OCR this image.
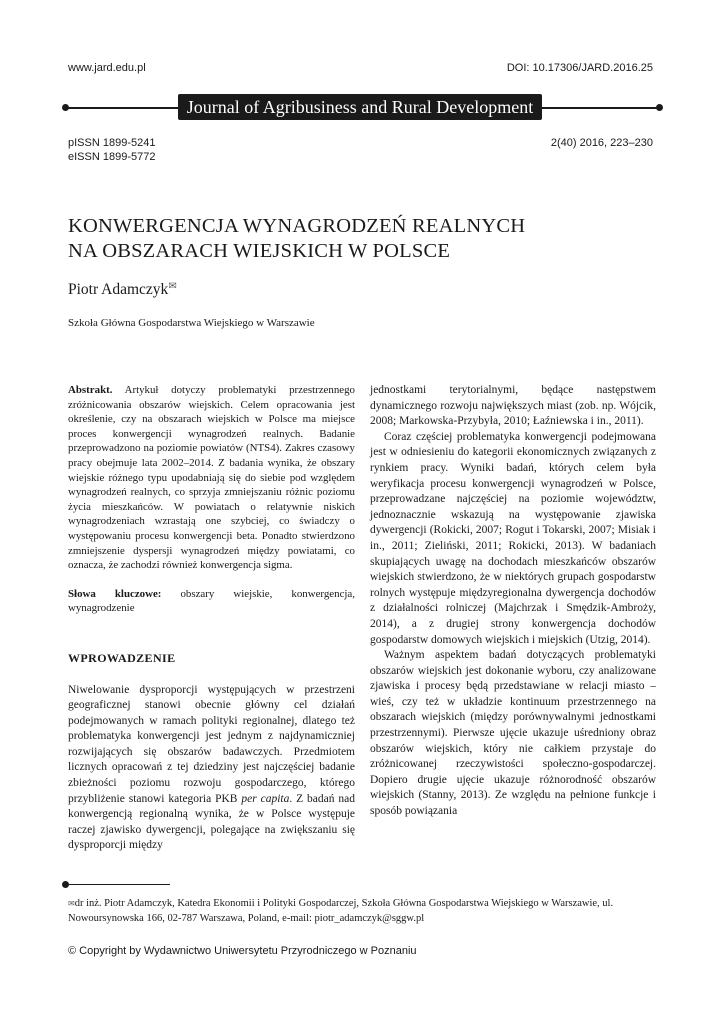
www.jard.edu.pl	DOI: 10.17306/JARD.2016.25
Journal of Agribusiness and Rural Development
pISSN 1899-5241
eISSN 1899-5772
2(40) 2016, 223–230
KONWERGENCJA WYNAGRODZEŃ REALNYCH
NA OBSZARACH WIEJSKICH W POLSCE
Piotr Adamczyk✉
Szkoła Główna Gospodarstwa Wiejskiego w Warszawie

Abstrakt. Artykuł dotyczy problematyki przestrzennego zróżnicowania obszarów wiejskich. Celem opracowania jest określenie, czy na obszarach wiejskich w Polsce ma miejsce proces konwergencji wynagrodzeń realnych. Badanie przeprowadzono na poziomie powiatów (NTS4). Zakres czasowy pracy obejmuje lata 2002–2014. Z badania wynika, że obszary wiejskie różnego typu upodabniają się do siebie pod względem wynagrodzeń realnych, co sprzyja zmniejszaniu różnic poziomu życia mieszkańców. W powiatach o relatywnie niskich wynagrodzeniach wzrastają one szybciej, co świadczy o występowaniu procesu konwergencji beta. Ponadto stwierdzono zmniejszenie dyspersji wynagrodzeń między powiatami, co oznacza, że zachodzi również konwergencja sigma.

Słowa kluczowe: obszary wiejskie, konwergencja, wynagrodzenie

WPROWADZENIE

Niwelowanie dysproporcji występujących w przestrzeni geograficznej stanowi obecnie główny cel działań podejmowanych w ramach polityki regionalnej, dlatego też problematyka konwergencji jest jednym z najdynamiczniej rozwijających się obszarów badawczych. Przedmiotem licznych opracowań z tej dziedziny jest najczęściej badanie zbieżności poziomu rozwoju gospodarczego, którego przybliżenie stanowi kategoria PKB per capita. Z badań nad konwergencją regionalną wynika, że w Polsce występuje raczej zjawisko dywergencji, polegające na zwiększaniu się dysproporcji między

jednostkami terytorialnymi, będące następstwem dynamicznego rozwoju największych miast (zob. np. Wójcik, 2008; Markowska-Przybyła, 2010; Łaźniewska i in., 2011).

Coraz częściej problematyka konwergencji podejmowana jest w odniesieniu do kategorii ekonomicznych związanych z rynkiem pracy. Wyniki badań, których celem była weryfikacja procesu konwergencji wynagrodzeń w Polsce, przeprowadzane najczęściej na poziomie województw, jednoznacznie wskazują na występowanie zjawiska dywergencji (Rokicki, 2007; Rogut i Tokarski, 2007; Misiak i in., 2011; Zieliński, 2011; Rokicki, 2013). W badaniach skupiających uwagę na dochodach mieszkańców obszarów wiejskich stwierdzono, że w niektórych grupach gospodarstw rolnych występuje międzyregionalna dywergencja dochodów z działalności rolniczej (Majchrzak i Smędzik-Ambroży, 2014), a z drugiej strony konwergencja dochodów gospodarstw domowych wiejskich i miejskich (Utzig, 2014).

Ważnym aspektem badań dotyczących problematyki obszarów wiejskich jest dokonanie wyboru, czy analizowane zjawiska i procesy będą przedstawiane w relacji miasto – wieś, czy też w układzie kontinuum przestrzennego na obszarach wiejskich (między porównywalnymi jednostkami przestrzennymi). Pierwsze ujęcie ukazuje uśredniony obraz obszarów wiejskich, który nie całkiem przystaje do zróżnicowanej rzeczywistości społeczno-gospodarczej. Dopiero drugie ujęcie ukazuje różnorodność obszarów wiejskich (Stanny, 2013). Ze względu na pełnione funkcje i sposób powiązania

✉dr inż. Piotr Adamczyk, Katedra Ekonomii i Polityki Gospodarczej, Szkoła Główna Gospodarstwa Wiejskiego w Warszawie, ul. Nowoursynowska 166, 02-787 Warszawa, Poland, e-mail: piotr_adamczyk@sggw.pl
© Copyright by Wydawnictwo Uniwersytetu Przyrodniczego w Poznaniu
